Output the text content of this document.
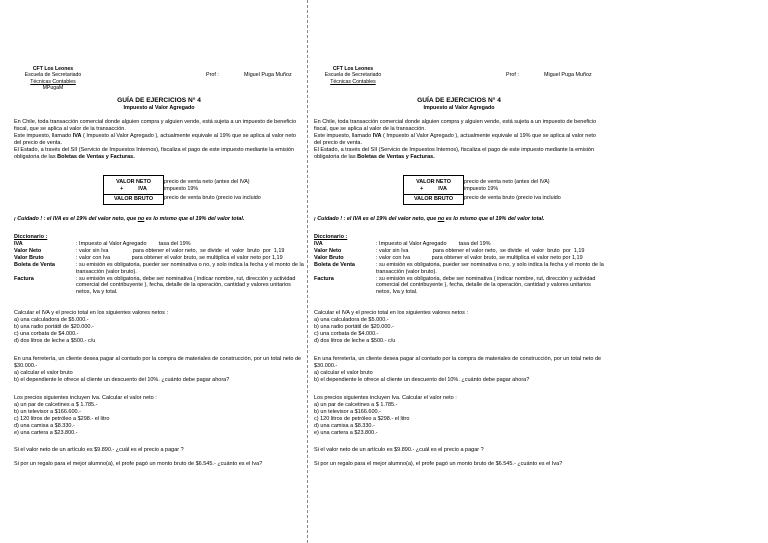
CFT Los Leones
Escuela de Secretariado
Técnicas Contables
MPugaM
Prof :	Miguel Puga Muñoz
GUÍA DE EJERCICIOS N° 4
Impuesto al Valor Agregado
En Chile, toda transacción comercial donde alguien compra y alguien vende, está sujeta a un impuesto de beneficio fiscal, que se aplica al valor de la transacción.
Este impuesto, llamado IVA ( Impuesto al Valor Agregado ), actualmente equivale al 19% que se aplica al valor neto del precio de venta.
El Estado, a través del SII (Servicio de Impuestos Internos), fiscaliza el pago de este impuesto mediante la emisión obligatoria de las Boletas de Ventas y Facturas.
VALOR NETO
+          IVA
VALOR BRUTO
precio de venta neto (antes del IVA)
impuesto 19%
precio de venta bruto (precio iva incluido
¡ Cuidado ! : el IVA es el 19% del valor neto, que no es lo mismo que el 19% del valor total.
Diccionario :
IVA	: Impuesto al Valor Agregado        tasa del 19%
Valor Neto	: valor sin Iva                para obtener el valor neto,  se divide  el  valor  bruto  por  1,19
Valor Bruto	: valor con Iva              para obtener el valor bruto, se multiplica el valor neto por 1,19
Boleta de Venta	: su emisión es obligatoria, pueder ser nominativa o no, y solo indica la fecha y el monto de la transacción (valor bruto).
Factura	: su emisión es obligatoria, debe ser nominativa ( indicar nombre, rut, dirección y actividad comercial del contribuyente ), fecha, detalle de la operación, cantidad y valores unitarios netos, Iva y total.
Calcular el IVA y el precio total en los siguientes valores netos :
a) una calculadora de $5.000.-
b) una radio portátil de $20.000.-
c) una corbata de $4.000.-
d) dos litros de leche a $500.- c/u
En una ferretería, un cliente desea pagar al contado por la compra de materiales de construcción, por un total neto de $30.000.-
a) calcular el valor bruto
b) el dependiente le ofrece al cliente un descuento del 10%. ¿cuánto debe pagar ahora?
Los precios siguientes incluyen Iva. Calcular el valor neto :
a) un par de calcetines a $ 1.785.-
b) un televisor a $166.600.-
c) 120 litros de petróleo a $298.- el litro
d) una camisa a $8.330.-
e) una cartera a $23.800.-
Si el valor neto de un artículo es $9.890.- ¿cuál es el precio a pagar ?
Si por un regalo para el mejor alumno(a), el profe pagó un monto bruto de $6.545.- ¿cuánto es el Iva?
CFT Los Leones
Escuela de Secretariado
Técnicas Contables
Prof :	Miguel Puga Muñoz
GUÍA DE EJERCICIOS N° 4
Impuesto al Valor Agregado
En Chile, toda transacción comercial donde alguien compra y alguien vende, está sujeta a un impuesto de beneficio fiscal, que se aplica al valor de la transacción.
Este impuesto, llamado IVA ( Impuesto al Valor Agregado ), actualmente equivale al 19% que se aplica al valor neto del precio de venta.
El Estado, a través del SII (Servicio de Impuestos Internos), fiscaliza el pago de este impuesto mediante la emisión obligatoria de las Boletas de Ventas y Facturas.
VALOR NETO
+          IVA
VALOR BRUTO
precio de venta neto (antes del IVA)
impuesto 19%
precio de venta bruto (precio iva incluido
¡ Cuidado ! : el IVA es el 19% del valor neto, que no es lo mismo que el 19% del valor total.
Diccionario :
IVA	: Impuesto al Valor Agregado        tasa del 19%
Valor Neto	: valor sin Iva                para obtener el valor neto,  se divide  el  valor  bruto  por  1,19
Valor Bruto	: valor con Iva              para obtener el valor bruto, se multiplica el valor neto por 1,19
Boleta de Venta	: su emisión es obligatoria, pueder ser nominativa o no, y solo indica la fecha y el monto de la transacción (valor bruto).
Factura	: su emisión es obligatoria, debe ser nominativa ( indicar nombre, rut, dirección y actividad comercial del contribuyente ), fecha, detalle de la operación, cantidad y valores unitarios netos, Iva y total.
Calcular el IVA y el precio total en los siguientes valores netos :
a) una calculadora de $5.000.-
b) una radio portátil de $20.000.-
c) una corbata de $4.000.-
d) dos litros de leche a $500.- c/u
En una ferretería, un cliente desea pagar al contado por la compra de materiales de construcción, por un total neto de $30.000.-
a) calcular el valor bruto
b) el dependiente le ofrece al cliente un descuento del 10%. ¿cuánto debe pagar ahora?
Los precios siguientes incluyen Iva. Calcular el valor neto :
a) un par de calcetines a $ 1.785.-
b) un televisor a $166.600.-
c) 120 litros de petróleo a $298.- el litro
d) una camisa a $8.330.-
e) una cartera a $23.800.-
Si el valor neto de un artículo es $9.890.- ¿cuál es el precio a pagar ?
Si por un regalo para el mejor alumno(a), el profe pagó un monto bruto de $6.545.- ¿cuánto es el Iva?
